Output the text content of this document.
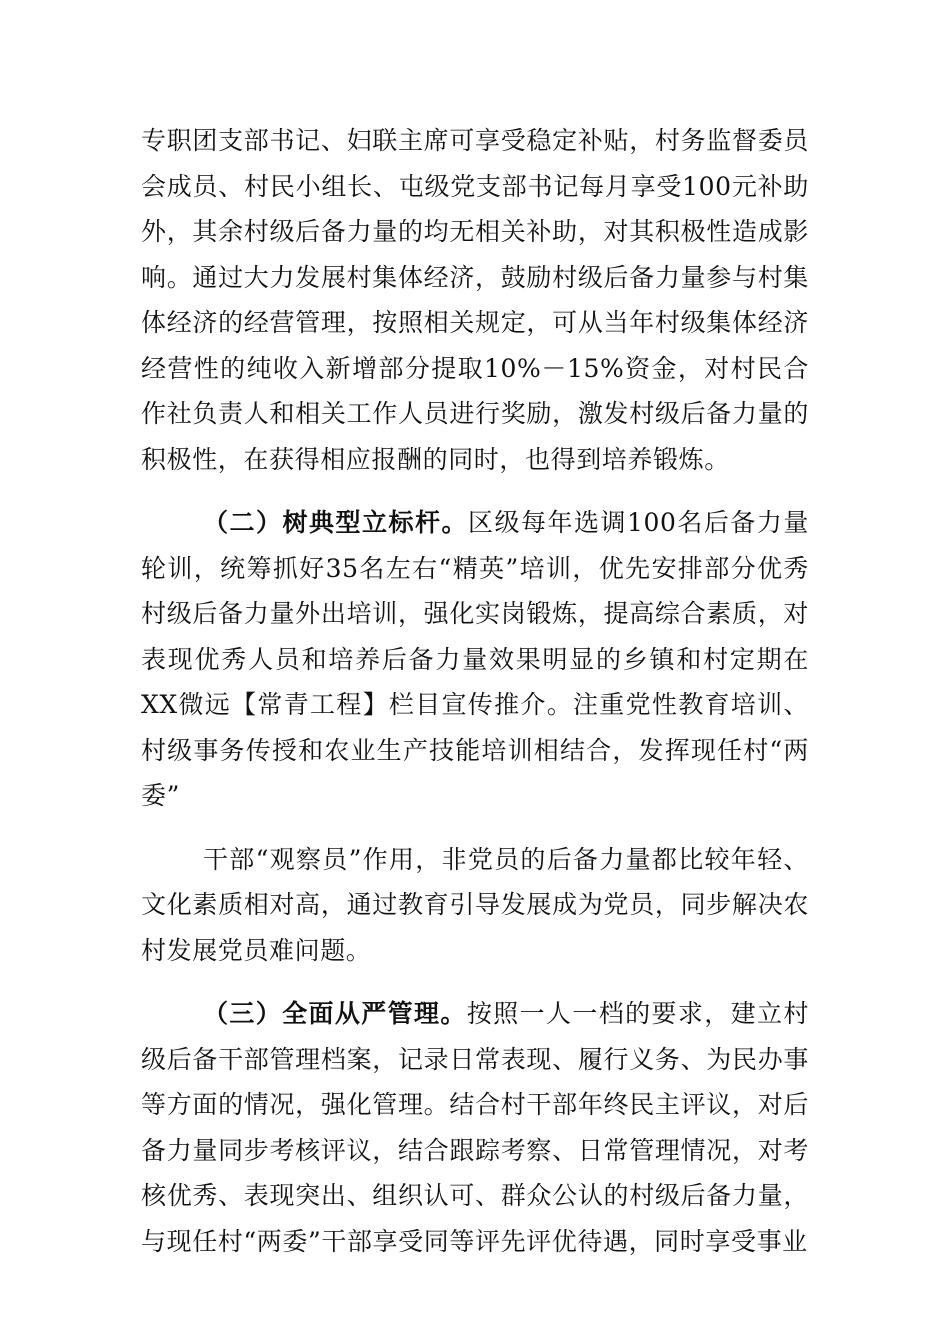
专职团支部书记、妇联主席可享受稳定补贴，村务监督委员会成员、村民小组长、屯级党支部书记每月享受100元补助外，其余村级后备力量的均无相关补助，对其积极性造成影响。通过大力发展村集体经济，鼓励村级后备力量参与村集体经济的经营管理，按照相关规定，可从当年村级集体经济经营性的纯收入新增部分提取10%－15%资金，对村民合作社负责人和相关工作人员进行奖励，激发村级后备力量的积极性，在获得相应报酬的同时，也得到培养锻炼。

（二）树典型立标杆。区级每年选调100名后备力量轮训，统筹抓好35名左右“精英”培训，优先安排部分优秀村级后备力量外出培训，强化实岗锻炼，提高综合素质，对表现优秀人员和培养后备力量效果明显的乡镇和村定期在XX微远【常青工程】栏目宣传推介。注重党性教育培训、村级事务传授和农业生产技能培训相结合，发挥现任村“两委”

干部“观察员”作用，非党员的后备力量都比较年轻、文化素质相对高，通过教育引导发展成为党员，同步解决农村发展党员难问题。

（三）全面从严管理。按照一人一档的要求，建立村级后备干部管理档案，记录日常表现、履行义务、为民办事等方面的情况，强化管理。结合村干部年终民主评议，对后备力量同步考核评议，结合跟踪考察、日常管理情况，对考核优秀、表现突出、组织认可、群众公认的村级后备力量，与现任村“两委”干部享受同等评先评优待遇，同时享受事业
